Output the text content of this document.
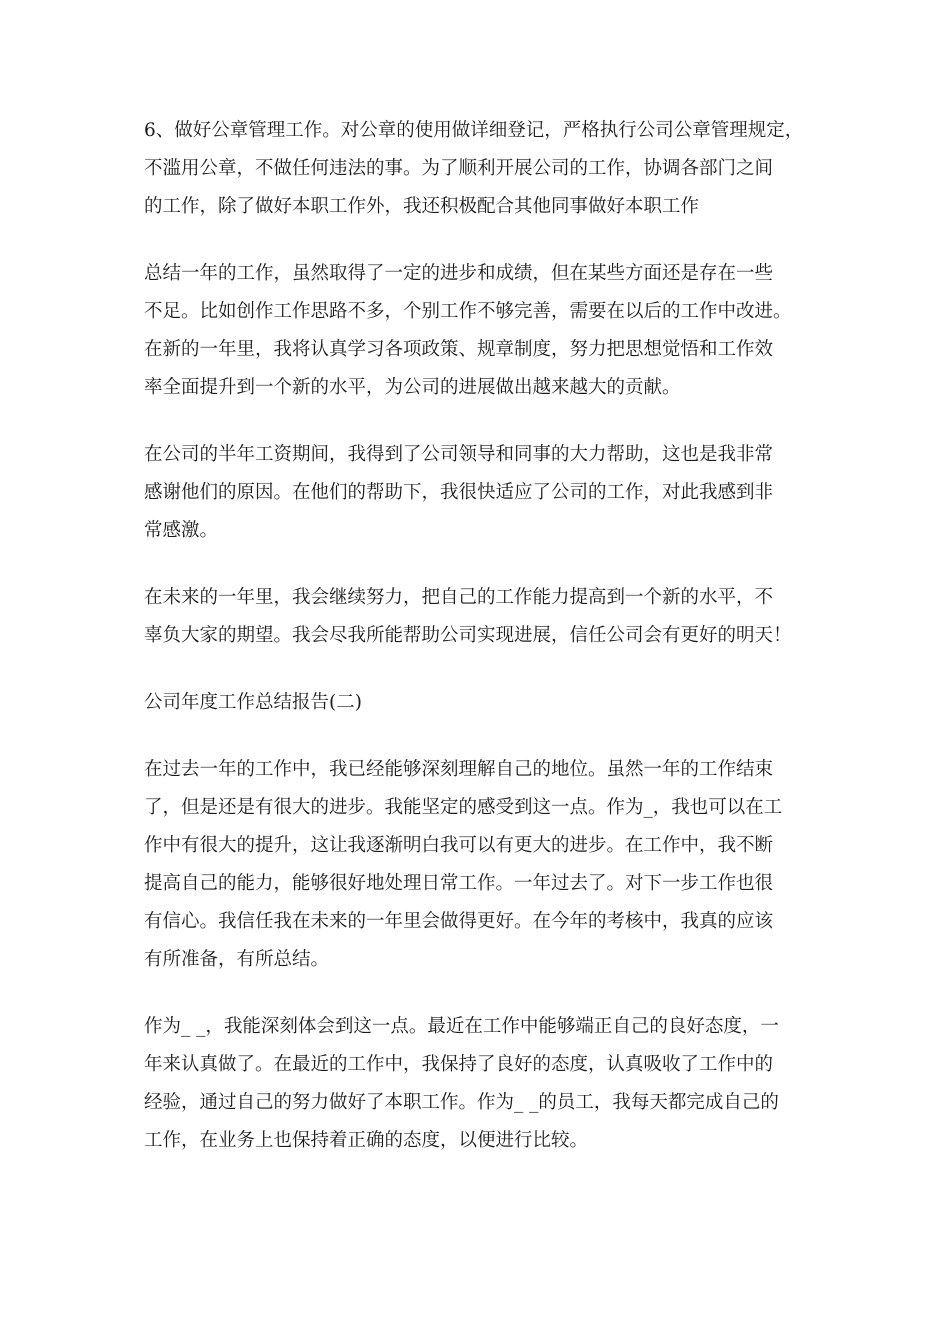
6、做好公章管理工作。对公章的使用做详细登记，严格执行公司公章管理规定，
不滥用公章，不做任何违法的事。为了顺利开展公司的工作，协调各部门之间
的工作，除了做好本职工作外，我还积极配合其他同事做好本职工作
总结一年的工作，虽然取得了一定的进步和成绩，但在某些方面还是存在一些
不足。比如创作工作思路不多，个别工作不够完善，需要在以后的工作中改进。
在新的一年里，我将认真学习各项政策、规章制度，努力把思想觉悟和工作效
率全面提升到一个新的水平，为公司的进展做出越来越大的贡献。
在公司的半年工资期间，我得到了公司领导和同事的大力帮助，这也是我非常
感谢他们的原因。在他们的帮助下，我很快适应了公司的工作，对此我感到非
常感激。
在未来的一年里，我会继续努力，把自己的工作能力提高到一个新的水平，不
辜负大家的期望。我会尽我所能帮助公司实现进展，信任公司会有更好的明天！
公司年度工作总结报告(二)
在过去一年的工作中，我已经能够深刻理解自己的地位。虽然一年的工作结束
了，但是还是有很大的进步。我能坚定的感受到这一点。作为_，我也可以在工
作中有很大的提升，这让我逐渐明白我可以有更大的进步。在工作中，我不断
提高自己的能力，能够很好地处理日常工作。一年过去了。对下一步工作也很
有信心。我信任我在未来的一年里会做得更好。在今年的考核中，我真的应该
有所准备，有所总结。
作为_ _，我能深刻体会到这一点。最近在工作中能够端正自己的良好态度，一
年来认真做了。在最近的工作中，我保持了良好的态度，认真吸收了工作中的
经验，通过自己的努力做好了本职工作。作为_ _的员工，我每天都完成自己的
工作，在业务上也保持着正确的态度，以便进行比较。
